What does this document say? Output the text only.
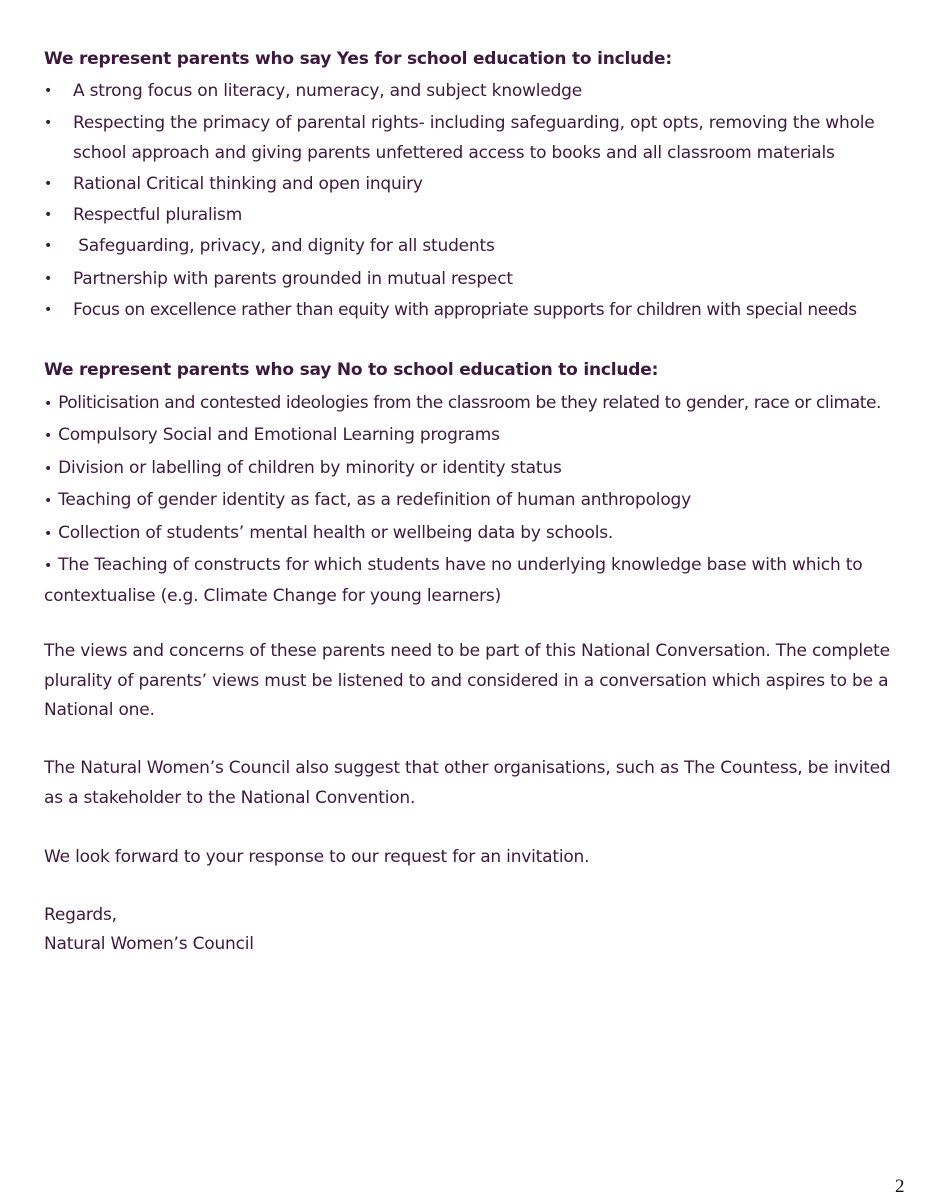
We represent parents who say Yes for school education to include:
• A strong focus on literacy, numeracy, and subject knowledge
• Respecting the primacy of parental rights- including safeguarding, opt opts, removing the whole school approach and giving parents unfettered access to books and all classroom materials
• Rational Critical thinking and open inquiry
• Respectful pluralism
• Safeguarding, privacy, and dignity for all students
• Partnership with parents grounded in mutual respect
• Focus on excellence rather than equity with appropriate supports for children with special needs
We represent parents who say No to school education to include:
• Politicisation and contested ideologies from the classroom be they related to gender, race or climate.
• Compulsory Social and Emotional Learning programs
• Division or labelling of children by minority or identity status
• Teaching of gender identity as fact, as a redefinition of human anthropology
• Collection of students’ mental health or wellbeing data by schools.
• The Teaching of constructs for which students have no underlying knowledge base with which to contextualise (e.g. Climate Change for young learners)

The views and concerns of these parents need to be part of this National Conversation. The complete plurality of parents’ views must be listened to and considered in a conversation which aspires to be a National one.

The Natural Women’s Council also suggest that other organisations, such as The Countess, be invited as a stakeholder to the National Convention.

We look forward to your response to our request for an invitation.

Regards,

Natural Women’s Council

2
